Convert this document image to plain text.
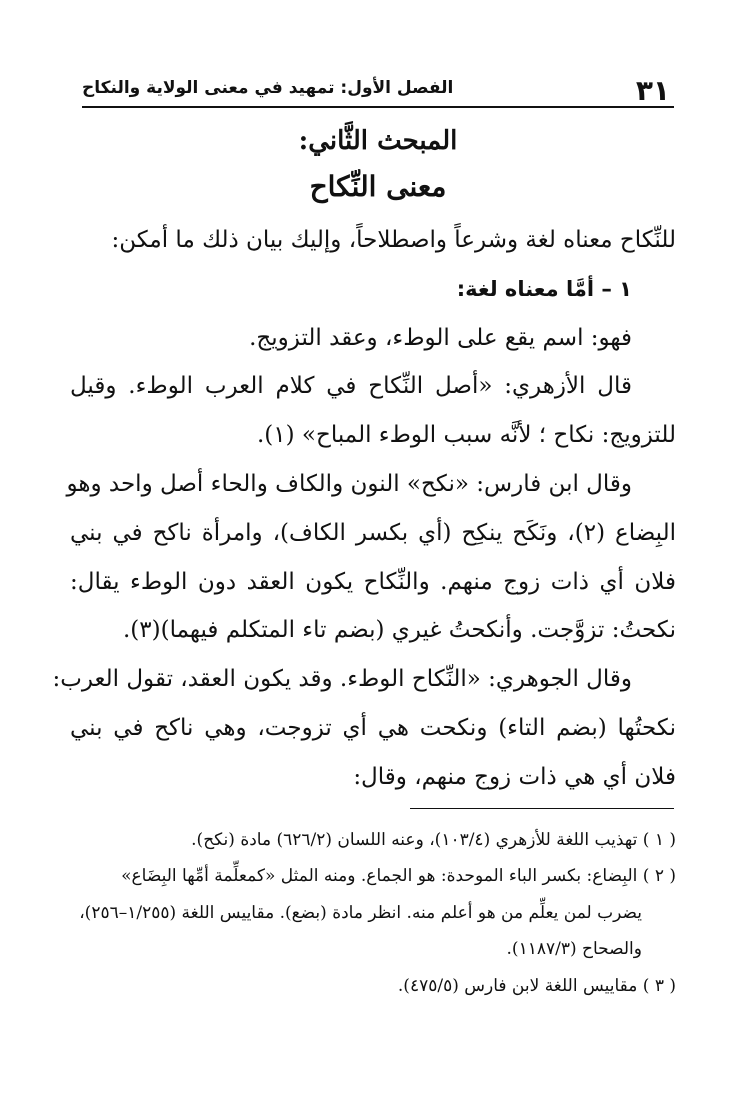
الفصل الأول: تمهيد في معنى الولاية والنكاح	٣١
المبحث الثَّاني:
معنى النِّكاح
للنِّكاح معناه لغة وشرعاً واصطلاحاً، وإليك بيان ذلك ما أمكن:
١ – أمَّا معناه لغة:
فهو: اسم يقع على الوطء، وعقد التزويج.
قال الأزهري: «أصل النِّكاح في كلام العرب الوطء. وقيل
للتزويج: نكاح ؛ لأنَّه سبب الوطء المباح» (١).
وقال ابن فارس: «نكح» النون والكاف والحاء أصل واحد وهو
البِضاع (٢)، ونَكَح ينكِح (أي بكسر الكاف)، وامرأة ناكح في بني
فلان أي ذات زوج منهم. والنِّكاح يكون العقد دون الوطء يقال:
نكحتُ: تزوَّجت. وأنكحتُ غيري (بضم تاء المتكلم فيهما)(٣).
وقال الجوهري: «النِّكاح الوطء. وقد يكون العقد، تقول العرب:
نكحتُها (بضم التاء) ونكحت هي أي تزوجت، وهي ناكح في بني
فلان أي هي ذات زوج منهم، وقال:
( ١ ) تهذيب اللغة للأزهري (١٠٣/٤)، وعنه اللسان (٦٢٦/٢) مادة (نكح).
( ٢ ) البِضاع: بكسر الباء الموحدة: هو الجماع. ومنه المثل «كمعلِّمة أمِّها البِضَاع»
يضرب لمن يعلِّم من هو أعلم منه. انظر مادة (بضع). مقاييس اللغة (١/٢٥٥–٢٥٦)،
والصحاح (١١٨٧/٣).
( ٣ ) مقاييس اللغة لابن فارس (٤٧٥/٥).
